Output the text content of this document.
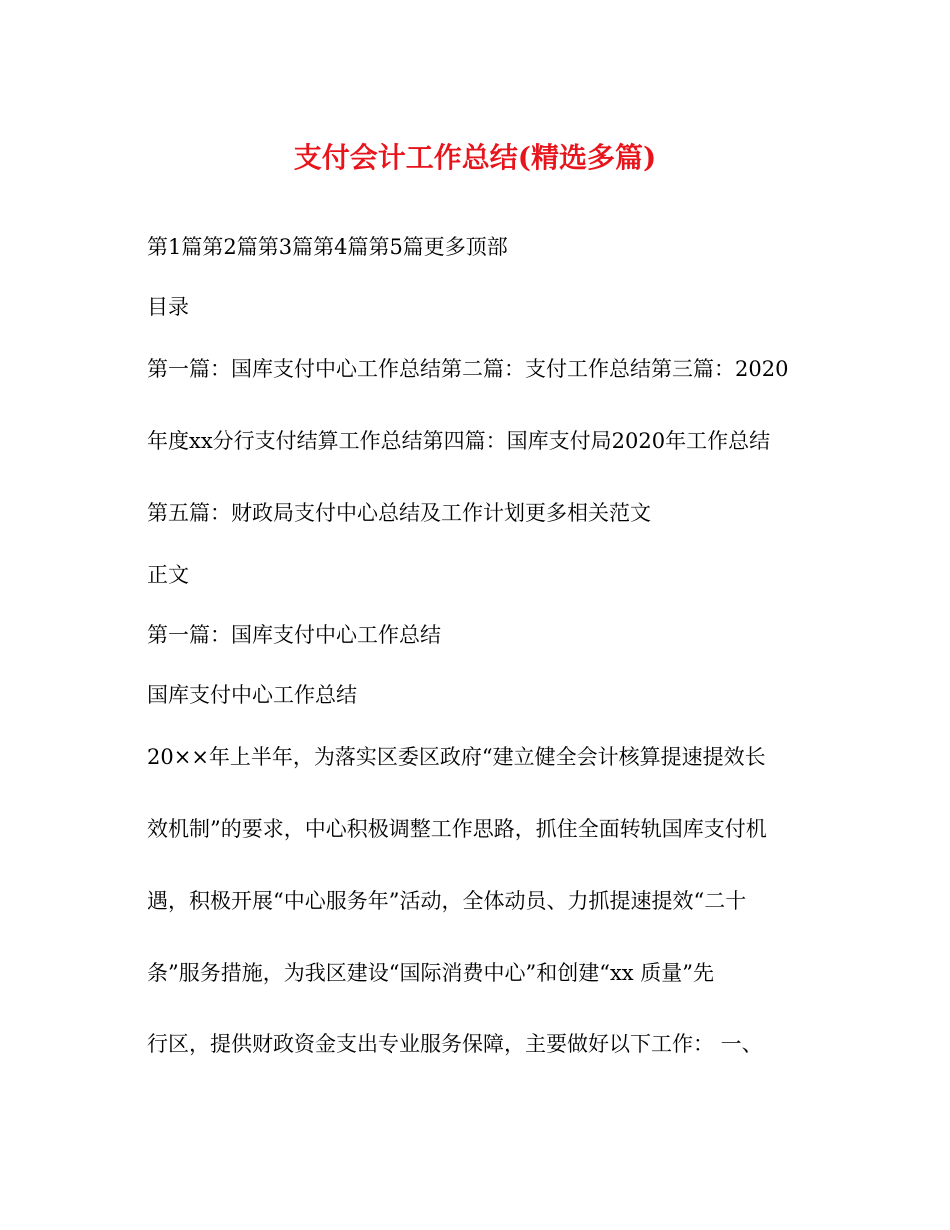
支付会计工作总结(精选多篇)

第1篇第2篇第3篇第4篇第5篇更多顶部

目录

第一篇：国库支付中心工作总结第二篇：支付工作总结第三篇：2020

年度xx分行支付结算工作总结第四篇：国库支付局2020年工作总结

第五篇：财政局支付中心总结及工作计划更多相关范文

正文

第一篇：国库支付中心工作总结

国库支付中心工作总结

20××年上半年，为落实区委区政府“建立健全会计核算提速提效长

效机制”的要求，中心积极调整工作思路，抓住全面转轨国库支付机

遇，积极开展“中心服务年”活动，全体动员、力抓提速提效“二十

条”服务措施，为我区建设“国际消费中心”和创建“xx 质量”先

行区，提供财政资金支出专业服务保障，主要做好以下工作： 一、
